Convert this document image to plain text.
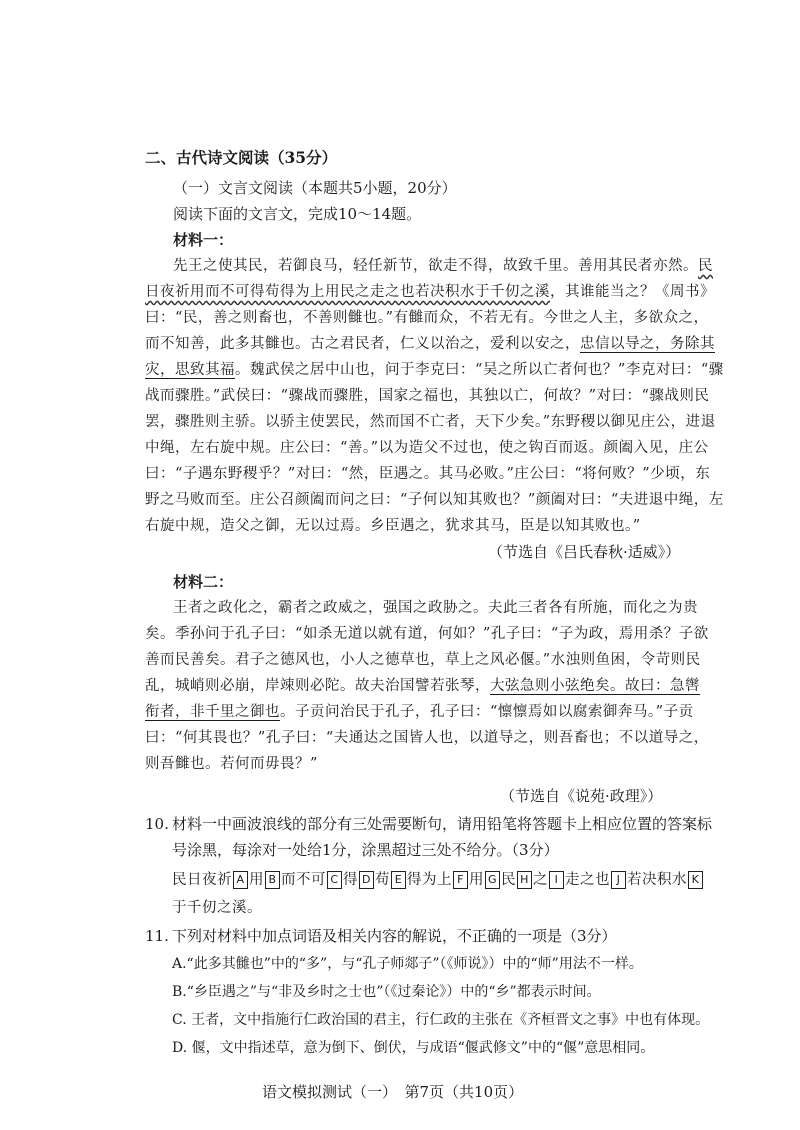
二、古代诗文阅读（35分）
（一）文言文阅读（本题共5小题，20分）
阅读下面的文言文，完成10～14题。
材料一：
先王之使其民，若御良马，轻任新节，欲走不得，故致千里。善用其民者亦然。民
日夜祈用而不可得苟得为上用民之走之也若决积水于千仞之溪，其谁能当之？《周书》
曰：“民，善之则畜也，不善则雠也。”有雠而众，不若无有。今世之人主，多欲众之，
而不知善，此多其雠也。古之君民者，仁义以治之，爱利以安之，忠信以导之，务除其
灾，思致其福。魏武侯之居中山也，问于李克曰：“吴之所以亡者何也？”李克对曰：“骤
战而骤胜。”武侯曰：“骤战而骤胜，国家之福也，其独以亡，何故？”对曰：“骤战则民
罢，骤胜则主骄。以骄主使罢民，然而国不亡者，天下少矣。”东野稷以御见庄公，进退
中绳，左右旋中规。庄公曰：“善。”以为造父不过也，使之钩百而返。颜阖入见，庄公
曰：“子遇东野稷乎？”对曰：“然，臣遇之。其马必败。”庄公曰：“将何败？”少顷，东
野之马败而至。庄公召颜阖而问之曰：“子何以知其败也？”颜阖对曰：“夫进退中绳，左
右旋中规，造父之御，无以过焉。乡臣遇之，犹求其马，臣是以知其败也。”
（节选自《吕氏春秋·适威》）
材料二：
王者之政化之，霸者之政威之，强国之政胁之。夫此三者各有所施，而化之为贵
矣。季孙问于孔子曰：“如杀无道以就有道，何如？”孔子曰：“子为政，焉用杀？子欲
善而民善矣。君子之德风也，小人之德草也，草上之风必偃。”水浊则鱼困，令苛则民
乱，城峭则必崩，岸竦则必陀。故夫治国譬若张琴，大弦急则小弦绝矣。故曰：急辔
衔者，非千里之御也。子贡问治民于孔子，孔子曰：“懔懔焉如以腐索御奔马。”子贡
曰：“何其畏也？”孔子曰：“夫通达之国皆人也，以道导之，则吾畜也；不以道导之，
则吾雠也。若何而毋畏？”
（节选自《说苑·政理》）
10. 材料一中画波浪线的部分有三处需要断句，请用铅笔将答题卡上相应位置的答案标
号涂黑，每涂对一处给1分，涂黑超过三处不给分。（3分）
民日夜祈 A 用 B 而不可 C 得 D 苟 E 得为上 F 用 G 民 H 之 I 走之也 J 若决积水 K
于千仞之溪。
11. 下列对材料中加点词语及相关内容的解说，不正确的一项是（3分）
A.“此多其雠也”中的“多”，与“孔子师郯子”（《师说》）中的“师”用法不一样。
B.“乡臣遇之”与“非及乡时之士也”（《过秦论》）中的“乡”都表示时间。
C. 王者，文中指施行仁政治国的君主，行仁政的主张在《齐桓晋文之事》中也有体现。
D. 偃，文中指述草，意为倒下、倒伏，与成语“偃武修文”中的“偃”意思相同。
语文模拟测试（一）　第7页（共10页）
